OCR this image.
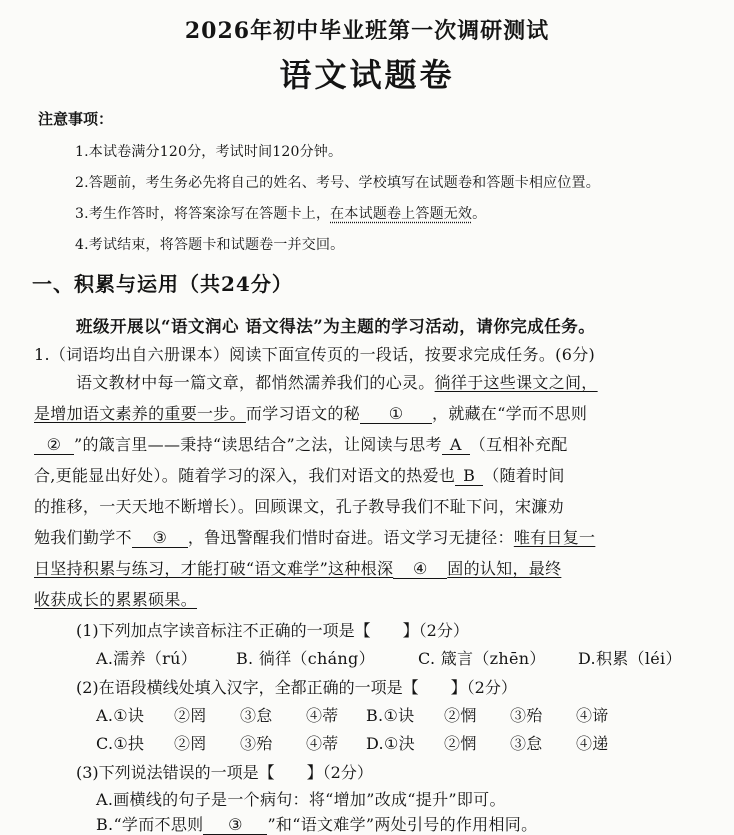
2026年初中毕业班第一次调研测试
语文试题卷
注意事项：
1.本试卷满分120分，考试时间120分钟。
2.答题前，考生务必先将自己的姓名、考号、学校填写在试题卷和答题卡相应位置。
3.考生作答时，将答案涂写在答题卡上，在本试题卷上答题无效。
4.考试结束，将答题卡和试题卷一并交回。
一、积累与运用（共24分）
班级开展以“语文润心 语文得法”为主题的学习活动，请你完成任务。
1.（词语均出自六册课本）阅读下面宣传页的一段话，按要求完成任务。(6分)
语文教材中每一篇文章，都悄然濡养我们的心灵。徜徉于这些课文之间，
是增加语文素养的重要一步。而学习语文的秘 ① ，就藏在“学而不思则
② ”的箴言里——秉持“读思结合”之法，让阅读与思考 A （互相补充配
合,更能显出好处）。随着学习的深入，我们对语文的热爱也 B （随着时间
的推移，一天天地不断增长）。回顾课文，孔子教导我们不耻下问，宋濂劝
勉我们勤学不 ③ ，鲁迅警醒我们惜时奋进。语文学习无捷径：唯有日复一
日坚持积累与练习，才能打破“语文难学”这种根深 ④ 固的认知，最终
收获成长的累累硕果。
(1)下列加点字读音标注不正确的一项是【　　】（2分）
A.濡养（rú） B. 徜徉（cháng）	C. 箴言（zhēn） D.积累（léi）
(2)在语段横线处填入汉字，全都正确的一项是【　　】（2分）
A.①诀 ②罔 ③怠 ④蒂 B.①诀 ②惘 ③殆 ④谛
C.①抉 ②罔 ③殆 ④蒂 D.①決 ②惘 ③怠 ④递
(3)下列说法错误的一项是【　　】（2分）
A.画横线的句子是一个病句：将“增加”改成“提升”即可。
B.“学而不思则 ③ ”和“语文难学”两处引号的作用相同。
